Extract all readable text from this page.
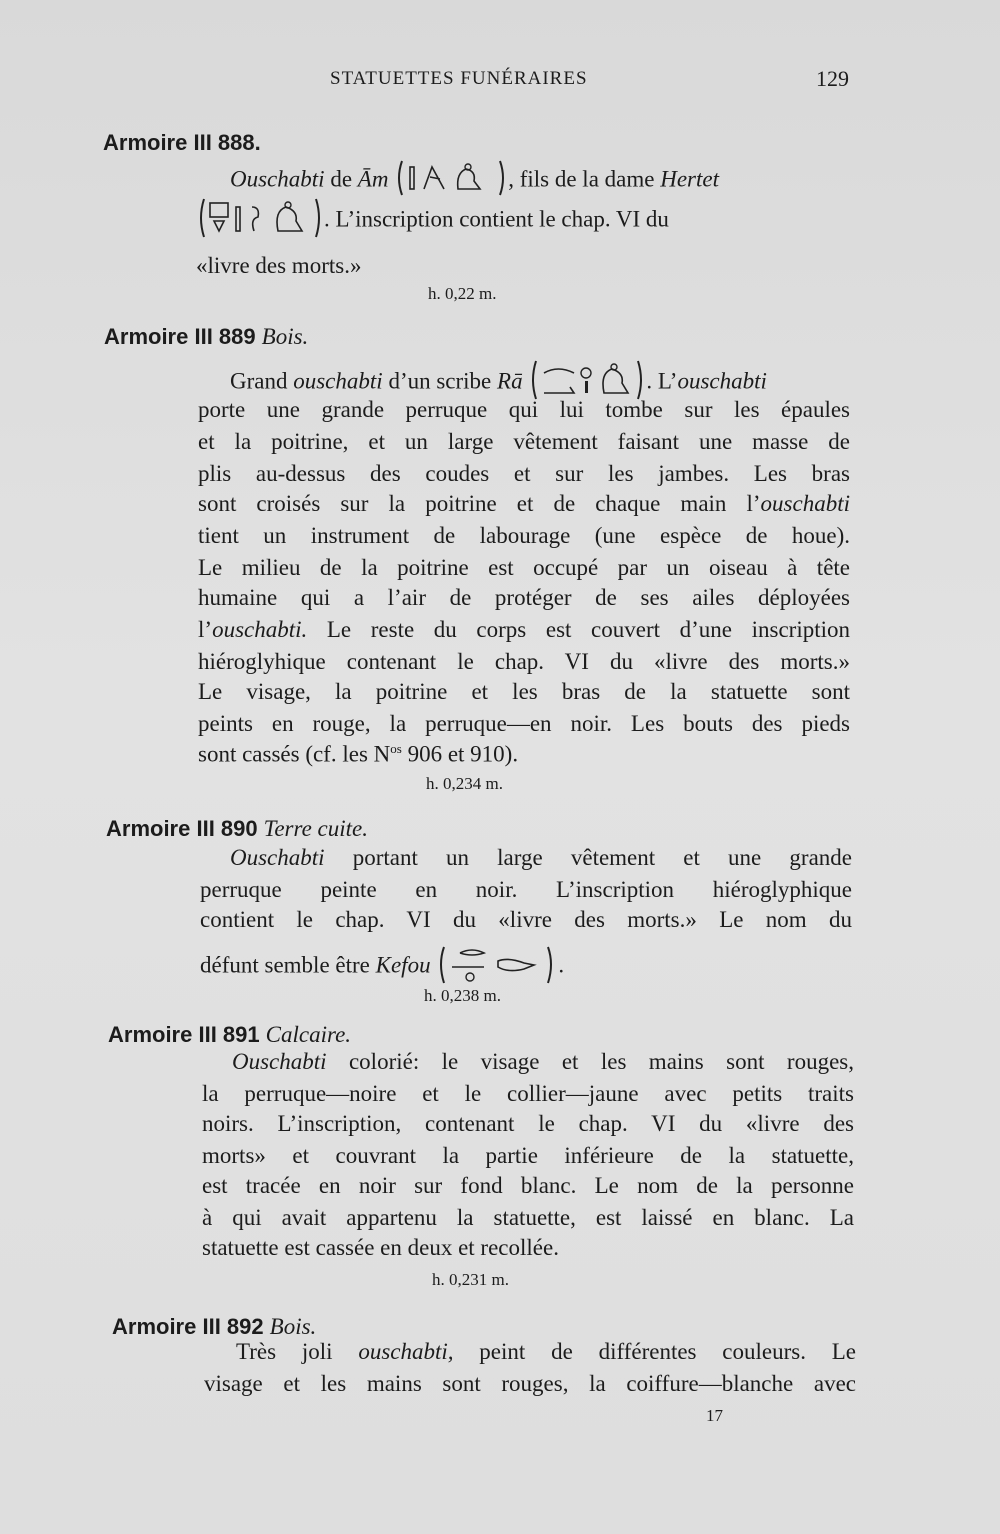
STATUETTES FUNÉRAIRES	129
Armoire III 888.
Ouschabti de Ām	, fils de la dame Hertet
. L’inscription contient le chap. VI du
«livre des morts.»
h. 0,22 m.
Armoire III 889 Bois.
Grand ouschabti d’un scribe Rā	. L’ouschabti
porte une grande perruque qui lui tombe sur les épaules
et la poitrine, et un large vêtement faisant une masse de
plis au-dessus des coudes et sur les jambes. Les bras
sont croisés sur la poitrine et de chaque main l’ouschabti
tient un instrument de labourage (une espèce de houe).
Le milieu de la poitrine est occupé par un oiseau à tête
humaine qui a l’air de protéger de ses ailes déployées
l’ouschabti. Le reste du corps est couvert d’une inscription
hiéroglyhique contenant le chap. VI du «livre des morts.»
Le visage, la poitrine et les bras de la statuette sont
peints en rouge, la perruque—en noir. Les bouts des pieds
sont cassés (cf. les $N^{os}$ 906 et 910).
h. 0,234 m.
Armoire III 890 Terre cuite.
Ouschabti portant un large vêtement et une grande
perruque peinte en noir. L’inscription hiéroglyphique
contient le chap. VI du «livre des morts.» Le nom du
défunt semble être Kefou	.
h. 0,238 m.
Armoire III 891 Calcaire.
Ouschabti colorié: le visage et les mains sont rouges,
la perruque—noire et le collier—jaune avec petits traits
noirs. L’inscription, contenant le chap. VI du «livre des
morts» et couvrant la partie inférieure de la statuette,
est tracée en noir sur fond blanc. Le nom de la personne
à qui avait appartenu la statuette, est laissé en blanc. La
statuette est cassée en deux et recollée.
h. 0,231 m.
Armoire III 892 Bois.
Très joli ouschabti, peint de différentes couleurs. Le
visage et les mains sont rouges, la coiffure—blanche avec
17
